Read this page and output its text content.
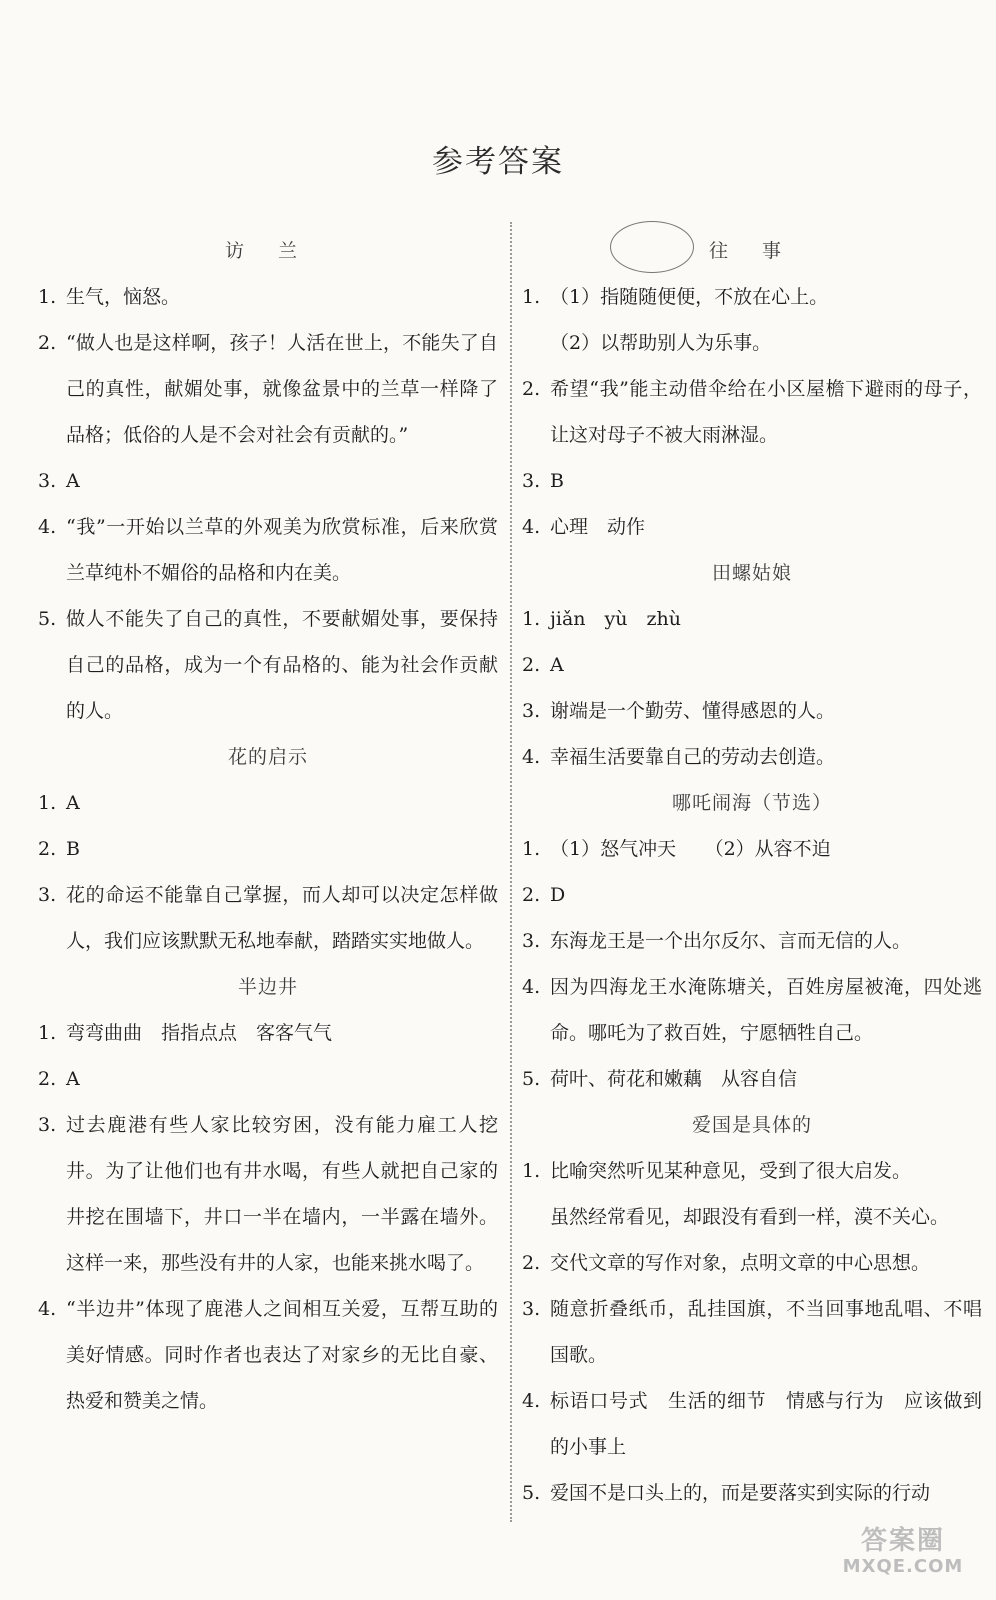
参考答案
访 兰
1. 生气，恼怒。
2. “做人也是这样啊，孩子！人活在世上，不能失了自己的真性，献媚处事，就像盆景中的兰草一样降了品格；低俗的人是不会对社会有贡献的。”
3. A
4. “我”一开始以兰草的外观美为欣赏标准，后来欣赏兰草纯朴不媚俗的品格和内在美。
5. 做人不能失了自己的真性，不要献媚处事，要保持自己的品格，成为一个有品格的、能为社会作贡献的人。
花的启示
1. A
2. B
3. 花的命运不能靠自己掌握，而人却可以决定怎样做人，我们应该默默无私地奉献，踏踏实实地做人。
半边井
1. 弯弯曲曲　指指点点　客客气气
2. A
3. 过去鹿港有些人家比较穷困，没有能力雇工人挖井。为了让他们也有井水喝，有些人就把自己家的井挖在围墙下，井口一半在墙内，一半露在墙外。这样一来，那些没有井的人家，也能来挑水喝了。
4. “半边井”体现了鹿港人之间相互关爱，互帮互助的美好情感。同时作者也表达了对家乡的无比自豪、热爱和赞美之情。
往 事
1. （1）指随随便便，不放在心上。
（2）以帮助别人为乐事。
2. 希望“我”能主动借伞给在小区屋檐下避雨的母子，让这对母子不被大雨淋湿。
3. B
4. 心理　动作
田螺姑娘
1. jiǎn　yù　zhù
2. A
3. 谢端是一个勤劳、懂得感恩的人。
4. 幸福生活要靠自己的劳动去创造。
哪吒闹海（节选）
1. （1）怒气冲天　　（2）从容不迫
2. D
3. 东海龙王是一个出尔反尔、言而无信的人。
4. 因为四海龙王水淹陈塘关，百姓房屋被淹，四处逃命。哪吒为了救百姓，宁愿牺牲自己。
5. 荷叶、荷花和嫩藕　从容自信
爱国是具体的
1. 比喻突然听见某种意见，受到了很大启发。
虽然经常看见，却跟没有看到一样，漠不关心。
2. 交代文章的写作对象，点明文章的中心思想。
3. 随意折叠纸币，乱挂国旗，不当回事地乱唱、不唱国歌。
4. 标语口号式　生活的细节　情感与行为　应该做到的小事上
5. 爱国不是口头上的，而是要落实到实际的行动
答案圈
MXQE.COM
